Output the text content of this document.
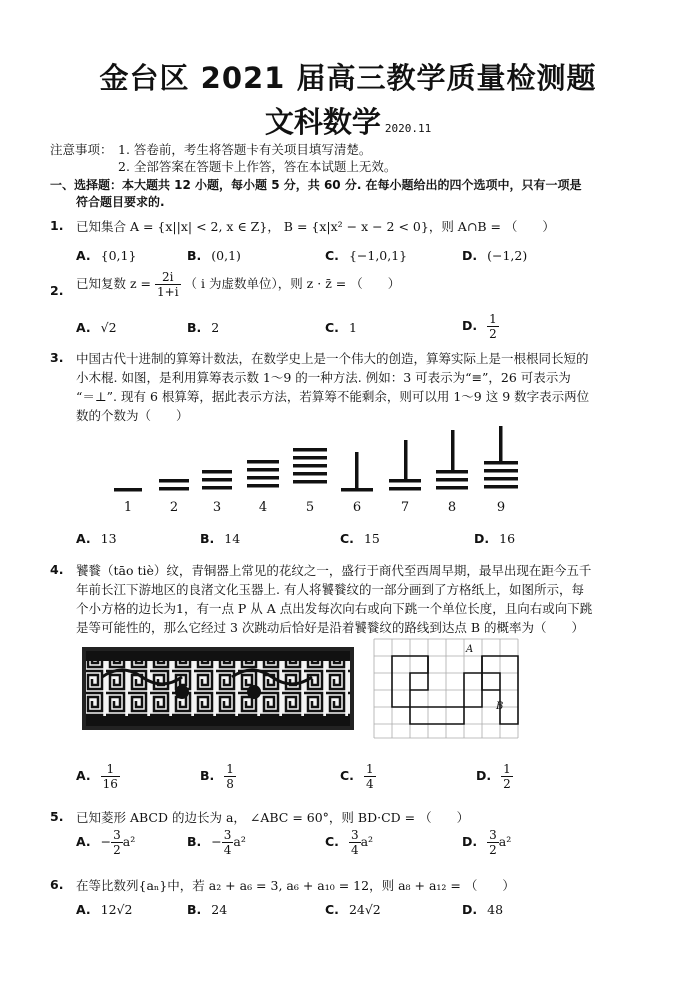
金台区 2021 届高三教学质量检测题
文科数学 2020.11
注意事项： 1. 答卷前，考生将答题卡有关项目填写清楚。
2. 全部答案在答题卡上作答，答在本试题上无效。
一、选择题：本大题共 12 小题，每小题 5 分，共 60 分. 在每小题给出的四个选项中，只有一项是
符合题目要求的.
1. 已知集合 A = {x||x| < 2, x ∈ Z}， B = {x|x² − x − 2 < 0}，则 A∩B = （　　）
A. {0,1}	B. (0,1)	C. {−1,0,1}	D. (−1,2)
2. 已知复数 $z = \frac{2i}{1+i}$ （ i 为虚数单位），则 z · z̄ = （　　）
A. √2	B. 2	C. 1	D. $\frac{1}{2}$
3. 中国古代十进制的算筹计数法，在数学史上是一个伟大的创造，算筹实际上是一根根同长短的
小木棍. 如图，是利用算筹表示数 1～9 的一种方法. 例如：3 可表示为“≡”，26 可表示为
“＝⊥”. 现有 6 根算筹，据此表示方法，若算筹不能剩余，则可以用 1～9 这 9 数字表示两位
数的个数为（　　）
1	2	3	4	5	6	7	8	9
A. 13	B. 14	C. 15	D. 16
4. 饕餮（tāo tiè）纹，青铜器上常见的花纹之一，盛行于商代至西周早期，最早出现在距今五千
年前长江下游地区的良渚文化玉器上. 有人将饕餮纹的一部分画到了方格纸上，如图所示，每
个小方格的边长为1，有一点 P 从 A 点出发每次向右或向下跳一个单位长度，且向右或向下跳
是等可能性的，那么它经过 3 次跳动后恰好是沿着饕餮纹的路线到达点 B 的概率为（　　）
A
B
A. $\frac{1}{16}$	B. $\frac{1}{8}$	C. $\frac{1}{4}$	D. $\frac{1}{2}$
5. 已知菱形 ABCD 的边长为 a， ∠ABC = 60°，则 BD·CD = （　　）
A. − $\frac{3}{2} a^2$	B. − $\frac{3}{4} a^2$	C. $\frac{3}{4} a^2$	D. $\frac{3}{2} a^2$
6. 在等比数列{aₙ}中，若 a₂ + a₆ = 3, a₆ + a₁₀ = 12，则 a₈ + a₁₂ = （　　）
A. 12√2	B. 24	C. 24√2	D. 48
